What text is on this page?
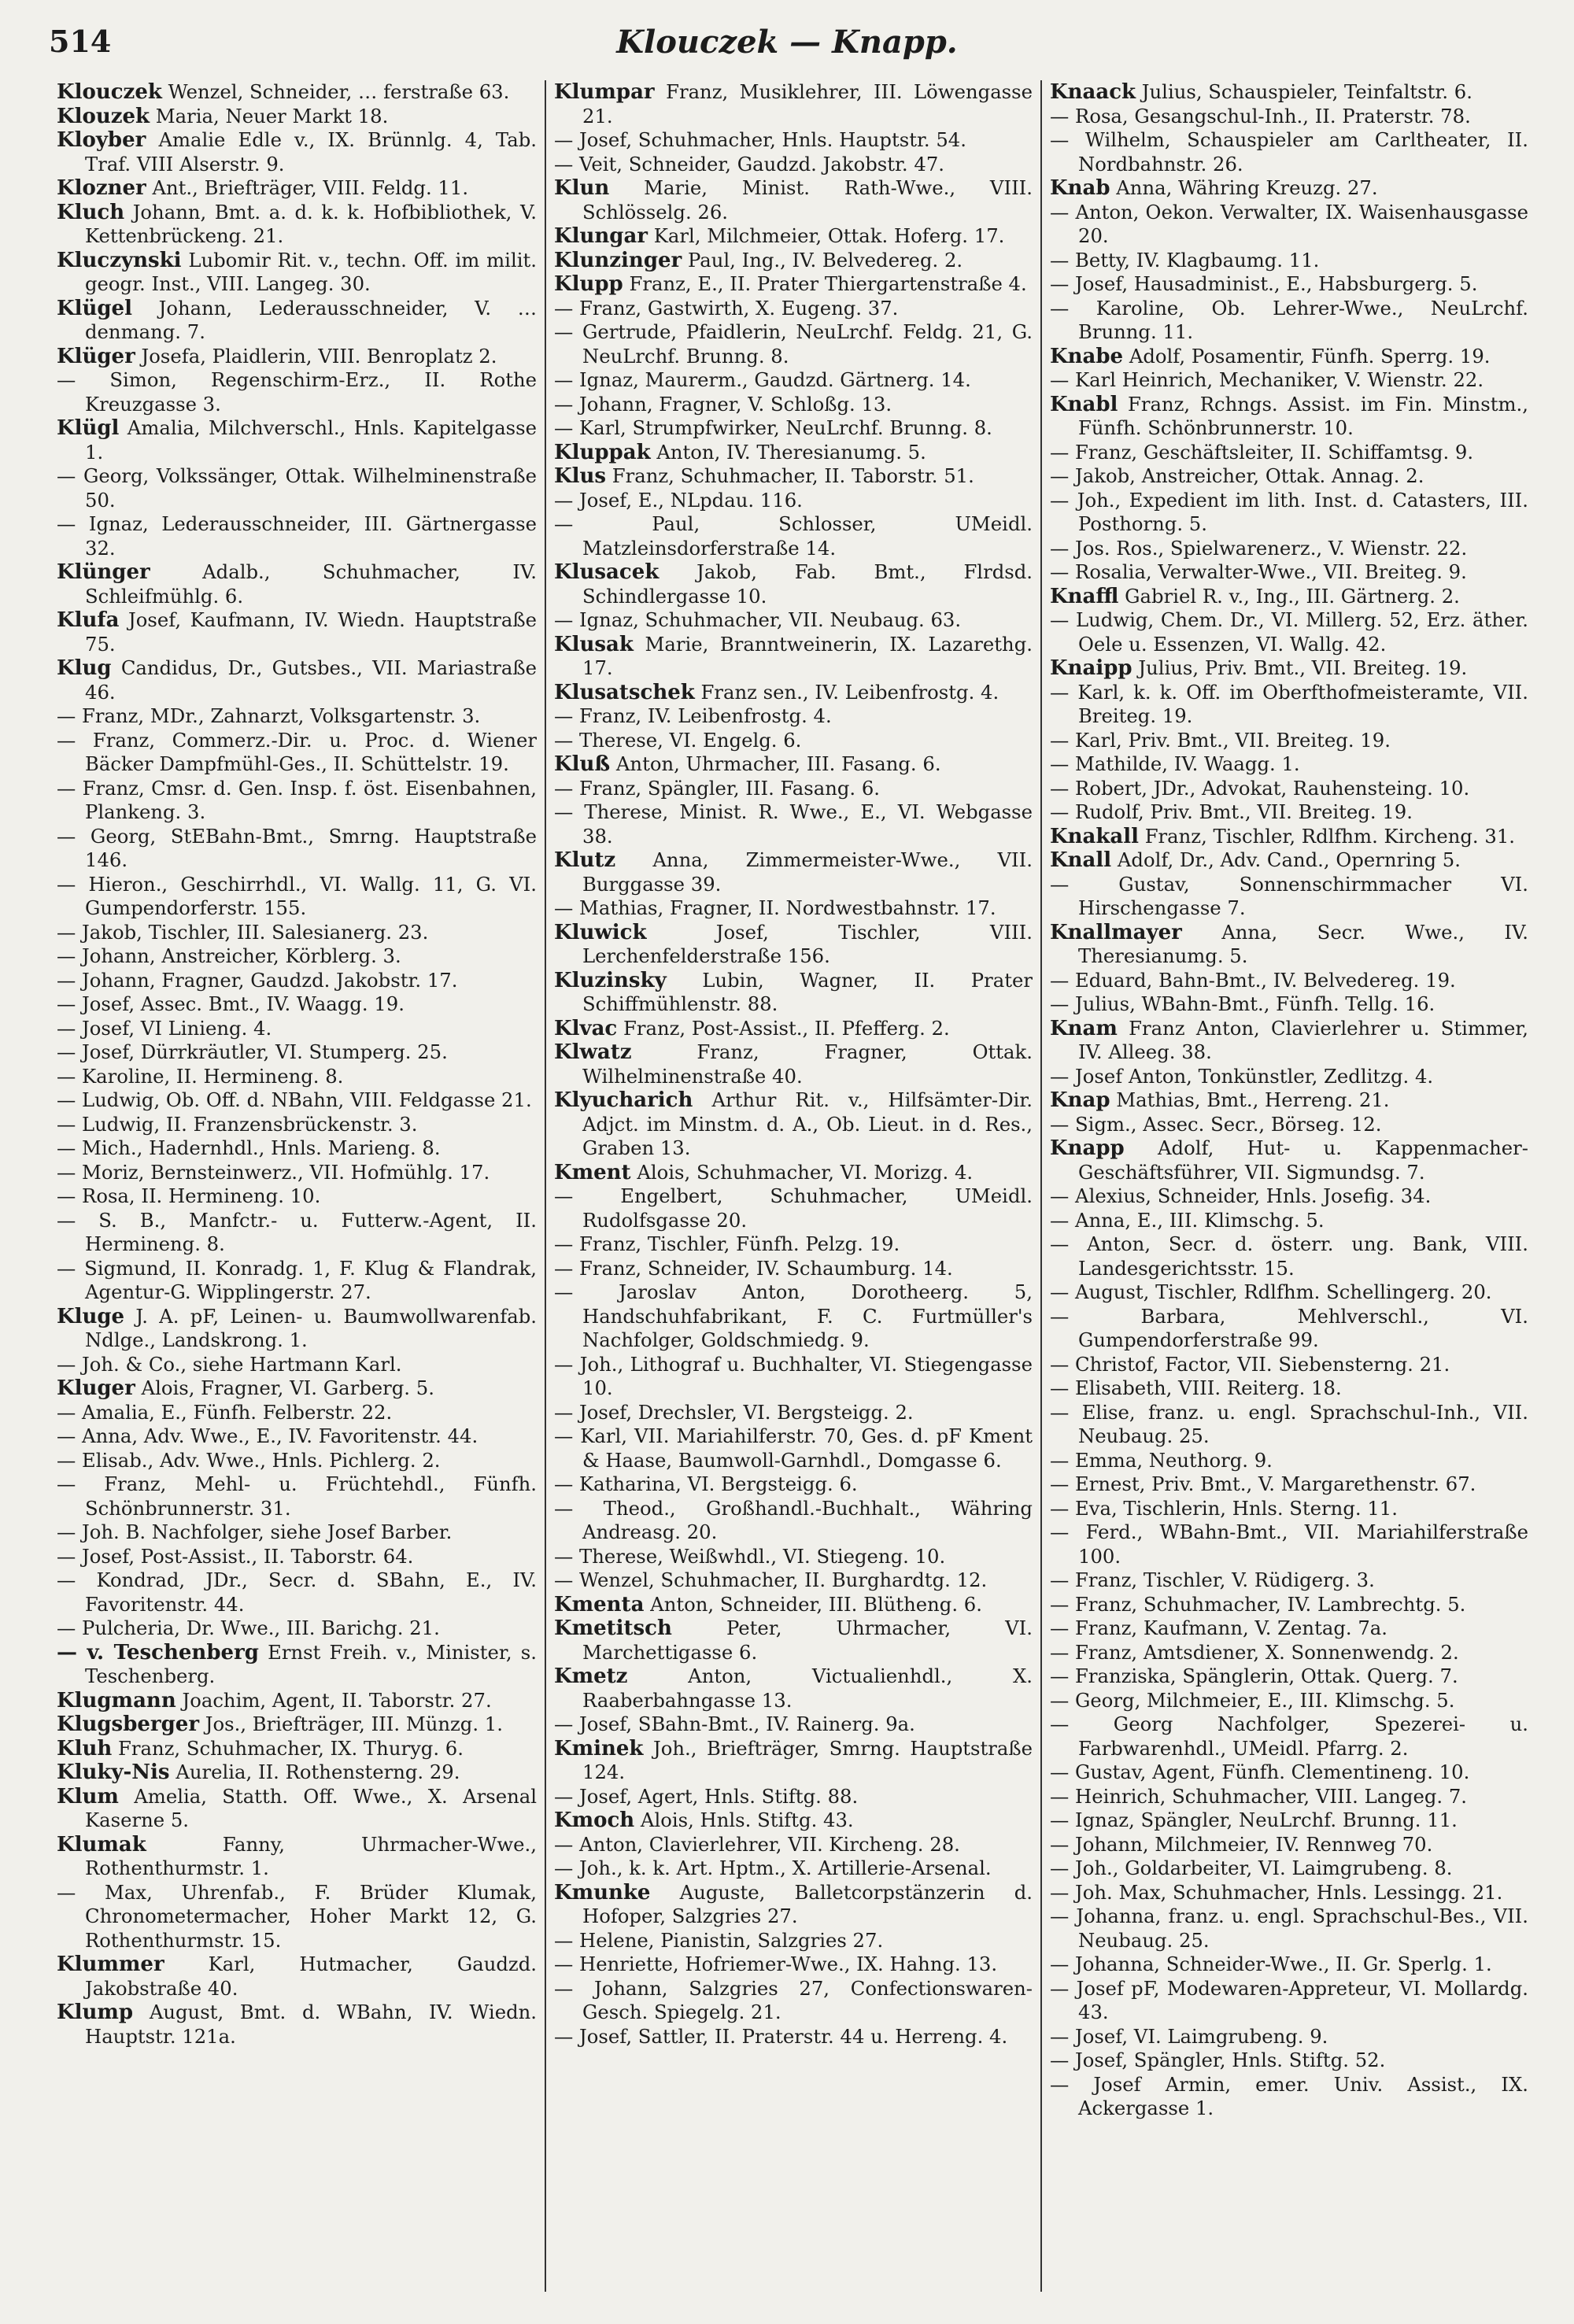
514	Klouczek — Knapp.

Klouczek Wenzel, Schneider, … ferstraße 63.

Klouzek Maria, Neuer Markt 18.

Kloyber Amalie Edle v., IX. Brünnlg. 4, Tab. Traf. VIII Alserstr. 9.

Klozner Ant., Briefträger, VIII. Feldg. 11.

Kluch Johann, Bmt. a. d. k. k. Hofbibliothek, V. Kettenbrückeng. 21.

Kluczynski Lubomir Rit. v., techn. Off. im milit. geogr. Inst., VIII. Langeg. 30.

Klügel Johann, Lederausschneider, V. … denmang. 7.

Klüger Josefa, Plaidlerin, VIII. Benroplatz 2.

— Simon, Regenschirm-Erz., II. Rothe Kreuzgasse 3.

Klügl Amalia, Milchverschl., Hnls. Kapitelgasse 1.

— Georg, Volkssänger, Ottak. Wilhelminenstraße 50.

— Ignaz, Lederausschneider, III. Gärtnergasse 32.

Klünger	Adalb., Schuhmacher, IV. Schleifmühlg. 6.

Klufa Josef, Kaufmann, IV. Wiedn. Hauptstraße 75.

Klug Candidus, Dr., Gutsbes., VII. Mariastraße 46.

— Franz, MDr., Zahnarzt, Volksgartenstr. 3.

— Franz, Commerz.-Dir. u. Proc. d. Wiener Bäcker Dampfmühl-Ges., II. Schüttelstr. 19.

— Franz, Cmsr. d. Gen. Insp. f. öst. Eisenbahnen, Plankeng. 3.

— Georg, StEBahn-Bmt., Smrng. Hauptstraße 146.

— Hieron., Geschirrhdl., VI. Wallg. 11, G. VI. Gumpendorferstr. 155.

— Jakob, Tischler, III. Salesianerg. 23.

— Johann, Anstreicher, Körblerg. 3.

— Johann, Fragner, Gaudzd. Jakobstr. 17.

— Josef, Assec. Bmt., IV. Waagg. 19.

— Josef, VI Linieng. 4.

— Josef, Dürrkräutler, VI. Stumperg. 25.

— Karoline, II. Hermineng. 8.

— Ludwig, Ob. Off. d. NBahn, VIII. Feldgasse 21.

— Ludwig, II. Franzensbrückenstr. 3.

— Mich., Hadernhdl., Hnls. Marieng. 8.

— Moriz, Bernsteinwerz., VII. Hofmühlg. 17.

— Rosa, II. Hermineng. 10.

— S. B., Manfctr.- u. Futterw.-Agent, II. Hermineng. 8.

— Sigmund, II. Konradg. 1, F. Klug & Flandrak, Agentur-G. Wipplingerstr. 27.

Kluge J. A. pF, Leinen- u. Baumwollwarenfab. Ndlge., Landskrong. 1.

— Joh. & Co., siehe Hartmann Karl.

Kluger Alois, Fragner, VI. Garberg. 5.

— Amalia, E., Fünfh. Felberstr. 22.

— Anna, Adv. Wwe., E., IV. Favoritenstr. 44.

— Elisab., Adv. Wwe., Hnls. Pichlerg. 2.

— Franz, Mehl- u. Früchtehdl., Fünfh. Schönbrunnerstr. 31.

— Joh. B. Nachfolger, siehe Josef Barber.

— Josef, Post-Assist., II. Taborstr. 64.

— Kondrad, JDr., Secr. d. SBahn, E., IV. Favoritenstr. 44.

— Pulcheria, Dr. Wwe., III. Barichg. 21.

— v. Teschenberg Ernst Freih. v., Minister, s. Teschenberg.

Klugmann Joachim, Agent, II. Taborstr. 27.

Klugsberger Jos., Briefträger, III. Münzg. 1.

Kluh Franz, Schuhmacher, IX. Thuryg. 6.

Kluky-Nis Aurelia, II. Rothensterng. 29.

Klum Amelia, Statth. Off. Wwe., X. Arsenal Kaserne 5.

Klumak	Fanny, Uhrmacher-Wwe., Rothenthurmstr. 1.

— Max, Uhrenfab., F. Brüder Klumak, Chronometermacher, Hoher Markt 12, G. Rothenthurmstr. 15.

Klummer Karl, Hutmacher, Gaudzd. Jakobstraße 40.

Klump August, Bmt. d. WBahn, IV. Wiedn. Hauptstr. 121a.

Klumpar Franz, Musiklehrer, III. Löwengasse 21.

— Josef, Schuhmacher, Hnls. Hauptstr. 54.

— Veit, Schneider, Gaudzd. Jakobstr. 47.

Klun Marie, Minist. Rath-Wwe., VIII. Schlösselg. 26.

Klungar Karl, Milchmeier, Ottak. Hoferg. 17.

Klunzinger Paul, Ing., IV. Belvedereg. 2.

Klupp Franz, E., II. Prater Thiergartenstraße 4.

— Franz, Gastwirth, X. Eugeng. 37.

— Gertrude, Pfaidlerin, NeuLrchf. Feldg. 21, G. NeuLrchf. Brunng. 8.

— Ignaz, Maurerm., Gaudzd. Gärtnerg. 14.

— Johann, Fragner, V. Schloßg. 13.

— Karl, Strumpfwirker, NeuLrchf. Brunng. 8.

Kluppak Anton, IV. Theresianumg. 5.

Klus Franz, Schuhmacher, II. Taborstr. 51.

— Josef, E., NLpdau. 116.

— Paul, Schlosser, UMeidl. Matzleinsdorferstraße 14.

Klusacek Jakob, Fab. Bmt., Flrdsd. Schindlergasse 10.

— Ignaz, Schuhmacher, VII. Neubaug. 63.

Klusak Marie, Branntweinerin, IX. Lazarethg. 17.

Klusatschek Franz sen., IV. Leibenfrostg. 4.

— Franz, IV. Leibenfrostg. 4.

— Therese, VI. Engelg. 6.

Kluß Anton, Uhrmacher, III. Fasang. 6.

— Franz, Spängler, III. Fasang. 6.

— Therese, Minist. R. Wwe., E., VI. Webgasse 38.

Klutz Anna, Zimmermeister-Wwe., VII. Burggasse 39.

— Mathias, Fragner, II. Nordwestbahnstr. 17.

Kluwick	Josef, Tischler, VIII. Lerchenfelderstraße 156.

Kluzinsky Lubin, Wagner, II. Prater Schiffmühlenstr. 88.

Klvac Franz, Post-Assist., II. Pfefferg. 2.

Klwatz	Franz, Fragner, Ottak. Wilhelminenstraße 40.

Klyucharich Arthur Rit. v., Hilfsämter-Dir. Adjct. im Minstm. d. A., Ob. Lieut. in d. Res., Graben 13.

Kment Alois, Schuhmacher, VI. Morizg. 4.

— Engelbert, Schuhmacher, UMeidl. Rudolfsgasse 20.

— Franz, Tischler, Fünfh. Pelzg. 19.

— Franz, Schneider, IV. Schaumburg. 14.

— Jaroslav Anton, Dorotheerg. 5, Handschuhfabrikant, F. C. Furtmüller's Nachfolger, Goldschmiedg. 9.

— Joh., Lithograf u. Buchhalter, VI. Stiegengasse 10.

— Josef, Drechsler, VI. Bergsteigg. 2.

— Karl, VII. Mariahilferstr. 70, Ges. d. pF Kment & Haase, Baumwoll-Garnhdl., Domgasse 6.

— Katharina, VI. Bergsteigg. 6.

— Theod., Großhandl.-Buchhalt., Währing Andreasg. 20.

— Therese, Weißwhdl., VI. Stiegeng. 10.

— Wenzel, Schuhmacher, II. Burghardtg. 12.

Kmenta Anton, Schneider, III. Blütheng. 6.

Kmetitsch	Peter, Uhrmacher, VI. Marchettigasse 6.

Kmetz	Anton, Victualienhdl., X. Raaberbahngasse 13.

— Josef, SBahn-Bmt., IV. Rainerg. 9a.

Kminek Joh., Briefträger, Smrng. Hauptstraße 124.

— Josef, Agert, Hnls. Stiftg. 88.

Kmoch Alois, Hnls. Stiftg. 43.

— Anton, Clavierlehrer, VII. Kircheng. 28.

— Joh., k. k. Art. Hptm., X. Artillerie-Arsenal.

Kmunke Auguste, Balletcorpstänzerin d. Hofoper, Salzgries 27.

— Helene, Pianistin, Salzgries 27.

— Henriette, Hofriemer-Wwe., IX. Hahng. 13.

— Johann, Salzgries 27, Confectionswaren-Gesch. Spiegelg. 21.

— Josef, Sattler, II. Praterstr. 44 u. Herreng. 4.

Knaack Julius, Schauspieler, Teinfaltstr. 6.

— Rosa, Gesangschul-Inh., II. Praterstr. 78.

— Wilhelm, Schauspieler am Carltheater, II. Nordbahnstr. 26.

Knab Anna, Währing Kreuzg. 27.

— Anton, Oekon. Verwalter, IX. Waisenhausgasse 20.

— Betty, IV. Klagbaumg. 11.

— Josef, Hausadminist., E., Habsburgerg. 5.

— Karoline, Ob. Lehrer-Wwe., NeuLrchf. Brunng. 11.

Knabe Adolf, Posamentir, Fünfh. Sperrg. 19.

— Karl Heinrich, Mechaniker, V. Wienstr. 22.

Knabl Franz, Rchngs. Assist. im Fin. Minstm., Fünfh. Schönbrunnerstr. 10.

— Franz, Geschäftsleiter, II. Schiffamtsg. 9.

— Jakob, Anstreicher, Ottak. Annag. 2.

— Joh., Expedient im lith. Inst. d. Catasters, III. Posthorng. 5.

— Jos. Ros., Spielwarenerz., V. Wienstr. 22.

— Rosalia, Verwalter-Wwe., VII. Breiteg. 9.

Knaffl Gabriel R. v., Ing., III. Gärtnerg. 2.

— Ludwig, Chem. Dr., VI. Millerg. 52, Erz. äther. Oele u. Essenzen, VI. Wallg. 42.

Knaipp Julius, Priv. Bmt., VII. Breiteg. 19.

— Karl, k. k. Off. im Oberfthofmeisteramte, VII. Breiteg. 19.

— Karl, Priv. Bmt., VII. Breiteg. 19.

— Mathilde, IV. Waagg. 1.

— Robert, JDr., Advokat, Rauhensteing. 10.

— Rudolf, Priv. Bmt., VII. Breiteg. 19.

Knakall Franz, Tischler, Rdlfhm. Kircheng. 31.

Knall Adolf, Dr., Adv. Cand., Opernring 5.

— Gustav, Sonnenschirmmacher VI. Hirschengasse 7.

Knallmayer Anna, Secr. Wwe., IV. Theresianumg. 5.

— Eduard, Bahn-Bmt., IV. Belvedereg. 19.

— Julius, WBahn-Bmt., Fünfh. Tellg. 16.

Knam Franz Anton, Clavierlehrer u. Stimmer, IV. Alleeg. 38.

— Josef Anton, Tonkünstler, Zedlitzg. 4.

Knap Mathias, Bmt., Herreng. 21.

— Sigm., Assec. Secr., Börseg. 12.

Knapp Adolf, Hut- u. Kappenmacher-Geschäftsführer, VII. Sigmundsg. 7.

— Alexius, Schneider, Hnls. Josefig. 34.

— Anna, E., III. Klimschg. 5.

— Anton, Secr. d. österr. ung. Bank, VIII. Landesgerichtsstr. 15.

— August, Tischler, Rdlfhm. Schellingerg. 20.

— Barbara, Mehlverschl., VI. Gumpendorferstraße 99.

— Christof, Factor, VII. Siebensterng. 21.

— Elisabeth, VIII. Reiterg. 18.

— Elise, franz. u. engl. Sprachschul-Inh., VII. Neubaug. 25.

— Emma, Neuthorg. 9.

— Ernest, Priv. Bmt., V. Margarethenstr. 67.

— Eva, Tischlerin, Hnls. Sterng. 11.

— Ferd., WBahn-Bmt., VII. Mariahilferstraße 100.

— Franz, Tischler, V. Rüdigerg. 3.

— Franz, Schuhmacher, IV. Lambrechtg. 5.

— Franz, Kaufmann, V. Zentag. 7a.

— Franz, Amtsdiener, X. Sonnenwendg. 2.

— Franziska, Spänglerin, Ottak. Querg. 7.

— Georg, Milchmeier, E., III. Klimschg. 5.

— Georg Nachfolger, Spezerei- u. Farbwarenhdl., UMeidl. Pfarrg. 2.

— Gustav, Agent, Fünfh. Clementineng. 10.

— Heinrich, Schuhmacher, VIII. Langeg. 7.

— Ignaz, Spängler, NeuLrchf. Brunng. 11.

— Johann, Milchmeier, IV. Rennweg 70.

— Joh., Goldarbeiter, VI. Laimgrubeng. 8.

— Joh. Max, Schuhmacher, Hnls. Lessingg. 21.

— Johanna, franz. u. engl. Sprachschul-Bes., VII. Neubaug. 25.

— Johanna, Schneider-Wwe., II. Gr. Sperlg. 1.

— Josef pF, Modewaren-Appreteur, VI. Mollardg. 43.

— Josef, VI. Laimgrubeng. 9.

— Josef, Spängler, Hnls. Stiftg. 52.

— Josef Armin, emer. Univ. Assist., IX. Ackergasse 1.
